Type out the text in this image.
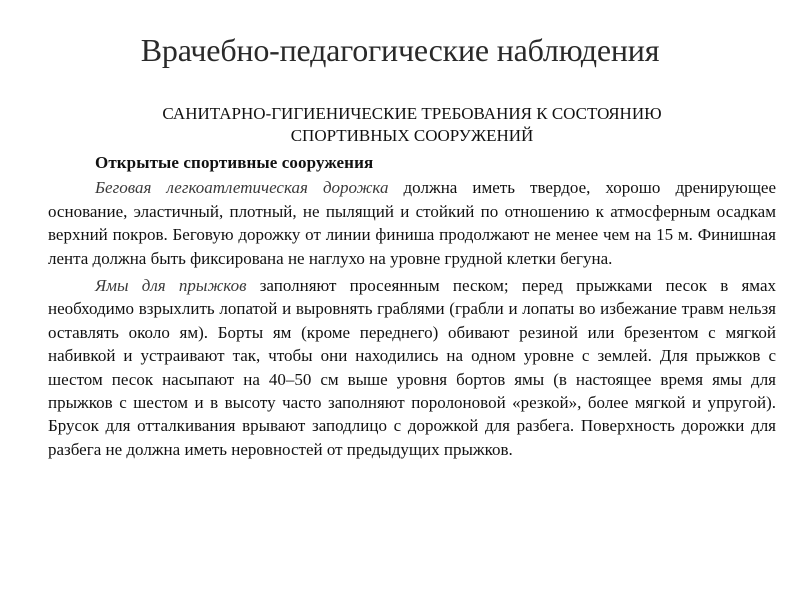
Врачебно-педагогические наблюдения
САНИТАРНО-ГИГИЕНИЧЕСКИЕ ТРЕБОВАНИЯ К СОСТОЯНИЮ
СПОРТИВНЫХ СООРУЖЕНИЙ
Открытые спортивные сооружения

Беговая легкоатлетическая дорожка должна иметь твердое, хорошо дренирующее основание, эластичный, плотный, не пылящий и стойкий по отношению к атмосферным осадкам верхний покров. Беговую дорожку от линии финиша продолжают не менее чем на 15 м. Финишная лента должна быть фиксирована не наглухо на уровне грудной клетки бегуна.

Ямы для прыжков заполняют просеянным песком; перед прыжками песок в ямах необходимо взрыхлить лопатой и выровнять граблями (грабли и лопаты во избежание травм нельзя оставлять около ям). Борты ям (кроме переднего) обивают резиной или брезентом с мягкой набивкой и устраивают так, чтобы они находились на одном уровне с землей. Для прыжков с шестом песок насыпают на 40–50 см выше уровня бортов ямы (в настоящее время ямы для прыжков с шестом и в высоту часто заполняют поролоновой «резкой», более мягкой и упругой). Брусок для отталкивания врывают заподлицо с дорожкой для разбега. Поверхность дорожки для разбега не должна иметь неровностей от предыдущих прыжков.
